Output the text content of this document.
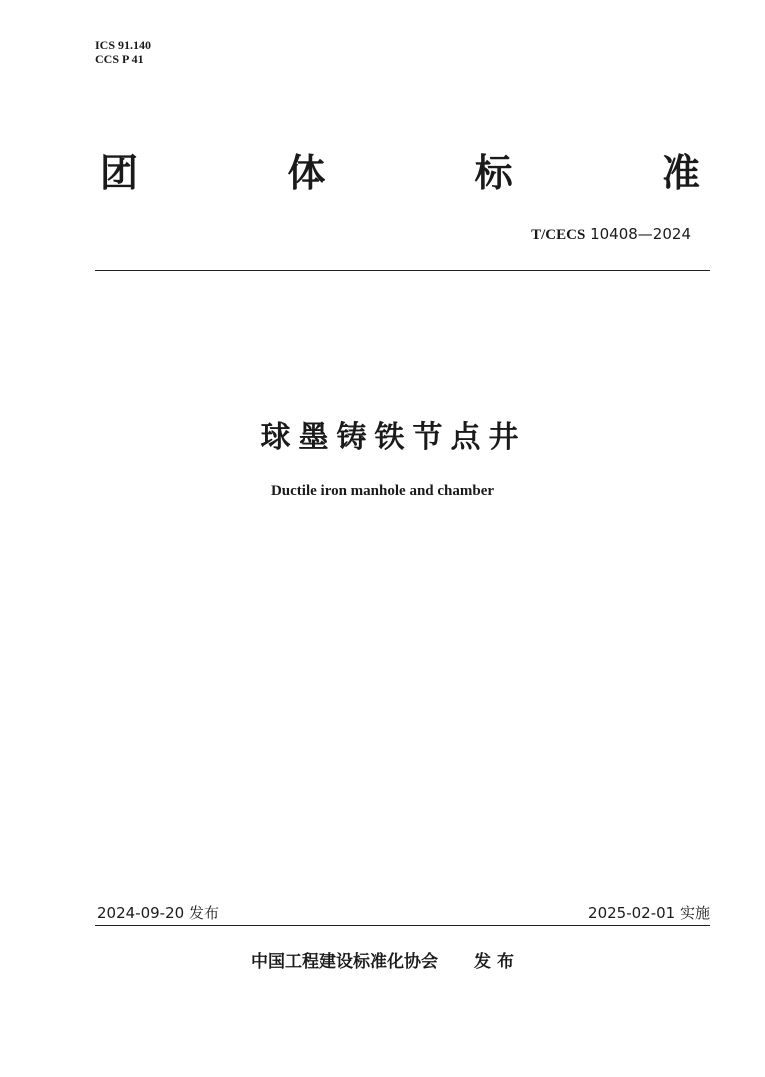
ICS 91.140
CCS P 41
团	体	标	准
T/CECS 10408—2024
球墨铸铁节点井
Ductile iron manhole and chamber
2024-09-20 发布	2025-02-01 实施
中国工程建设标准化协会 发 布
